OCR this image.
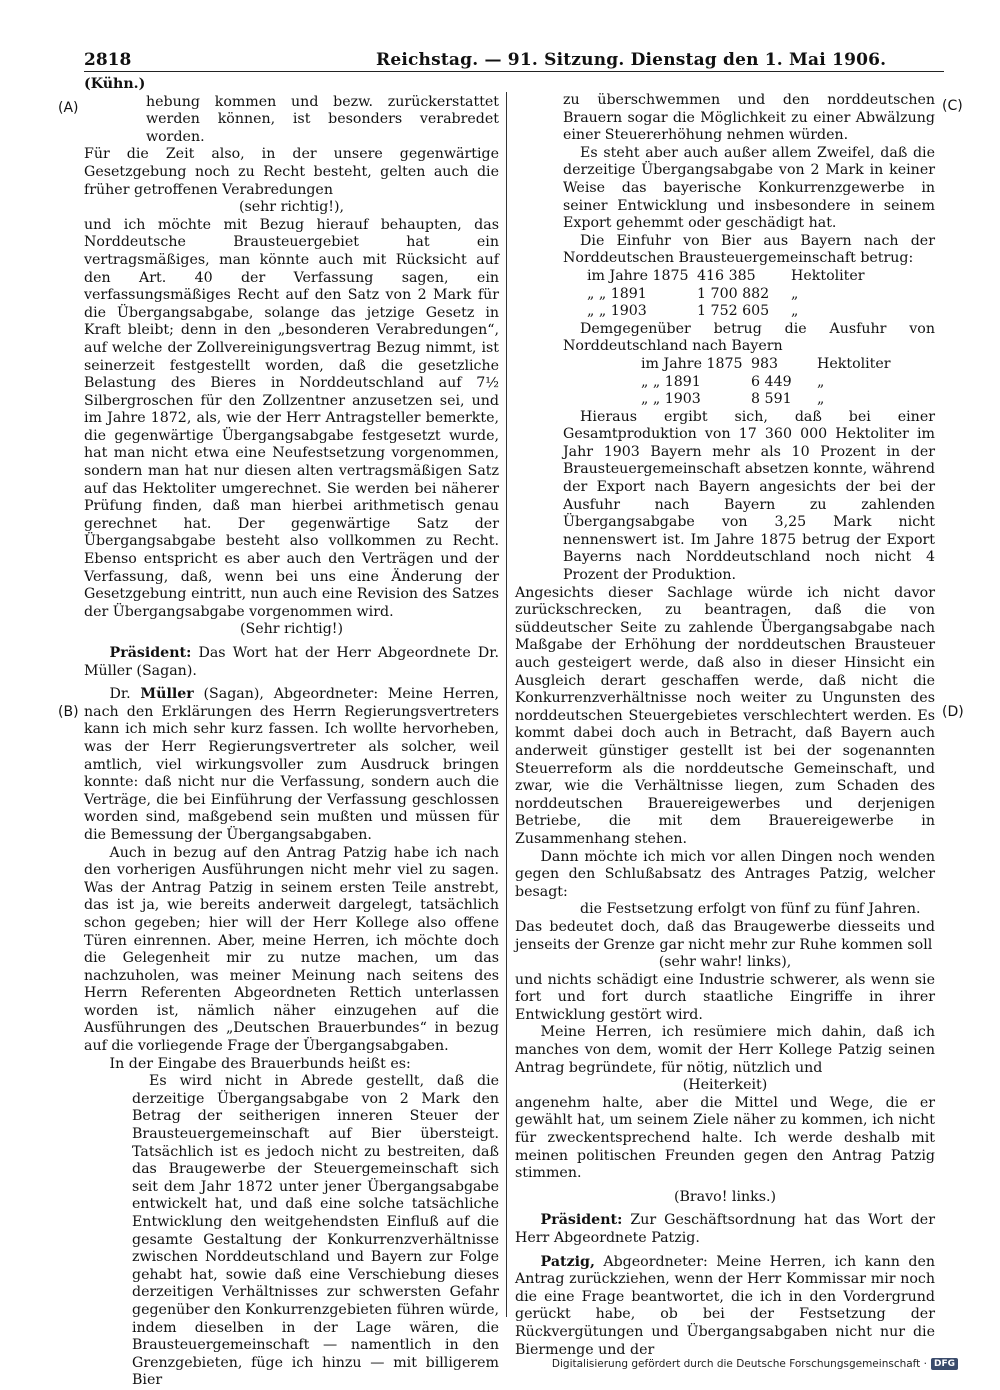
2818	Reichstag. — 91. Sitzung. Dienstag den 1. Mai 1906.
(A)
(B)
(C)
(D)

(Kühn.)

hebung kommen und bezw. zurückerstattet werden können, ist besonders verabredet worden.

Für die Zeit also, in der unsere gegenwärtige Gesetzgebung noch zu Recht besteht, gelten auch die früher getroffenen Verabredungen

(sehr richtig!),

und ich möchte mit Bezug hierauf behaupten, das Norddeutsche Brausteuergebiet hat ein vertragsmäßiges, man könnte auch mit Rücksicht auf den Art. 40 der Verfassung sagen, ein verfassungsmäßiges Recht auf den Satz von 2 Mark für die Übergangsabgabe, solange das jetzige Gesetz in Kraft bleibt; denn in den „besonderen Verabredungen“, auf welche der Zollvereinigungsvertrag Bezug nimmt, ist seinerzeit festgestellt worden, daß die gesetzliche Belastung des Bieres in Norddeutschland auf 7½ Silbergroschen für den Zollzentner anzusetzen sei, und im Jahre 1872, als, wie der Herr Antragsteller bemerkte, die gegenwärtige Übergangsabgabe festgesetzt wurde, hat man nicht etwa eine Neufestsetzung vorgenommen, sondern man hat nur diesen alten vertragsmäßigen Satz auf das Hektoliter umgerechnet. Sie werden bei näherer Prüfung finden, daß man hierbei arithmetisch genau gerechnet hat. Der gegenwärtige Satz der Übergangsabgabe besteht also vollkommen zu Recht. Ebenso entspricht es aber auch den Verträgen und der Verfassung, daß, wenn bei uns eine Änderung der Gesetzgebung eintritt, nun auch eine Revision des Satzes der Übergangsabgabe vorgenommen wird.

(Sehr richtig!)

Präsident: Das Wort hat der Herr Abgeordnete Dr. Müller (Sagan).

Dr. Müller (Sagan), Abgeordneter: Meine Herren, nach den Erklärungen des Herrn Regierungsvertreters kann ich mich sehr kurz fassen. Ich wollte hervorheben, was der Herr Regierungsvertreter als solcher, weil amtlich, viel wirkungsvoller zum Ausdruck bringen konnte: daß nicht nur die Verfassung, sondern auch die Verträge, die bei Einführung der Verfassung geschlossen worden sind, maßgebend sein mußten und müssen für die Bemessung der Übergangsabgaben.

Auch in bezug auf den Antrag Patzig habe ich nach den vorherigen Ausführungen nicht mehr viel zu sagen. Was der Antrag Patzig in seinem ersten Teile anstrebt, das ist ja, wie bereits anderweit dargelegt, tatsächlich schon gegeben; hier will der Herr Kollege also offene Türen einrennen. Aber, meine Herren, ich möchte doch die Gelegenheit mir zu nutze machen, um das nachzuholen, was meiner Meinung nach seitens des Herrn Referenten Abgeordneten Rettich unterlassen worden ist, nämlich näher einzugehen auf die Ausführungen des „Deutschen Brauerbundes“ in bezug auf die vorliegende Frage der Übergangsabgaben.

In der Eingabe des Brauerbunds heißt es:

Es wird nicht in Abrede gestellt, daß die derzeitige Übergangsabgabe von 2 Mark den Betrag der seitherigen inneren Steuer der Brausteuergemeinschaft auf Bier übersteigt. Tatsächlich ist es jedoch nicht zu bestreiten, daß das Braugewerbe der Steuergemeinschaft sich seit dem Jahr 1872 unter jener Übergangsabgabe entwickelt hat, und daß eine solche tatsächliche Entwicklung den weitgehendsten Einfluß auf die gesamte Gestaltung der Konkurrenzverhältnisse zwischen Norddeutschland und Bayern zur Folge gehabt hat, sowie daß eine Verschiebung dieses derzeitigen Verhältnisses zur schwersten Gefahr gegenüber den Konkurrenzgebieten führen würde, indem dieselben in der Lage wären, die Brausteuergemeinschaft — namentlich in den Grenzgebieten, füge ich hinzu — mit billigerem Bier

zu überschwemmen und den norddeutschen Brauern sogar die Möglichkeit zu einer Abwälzung einer Steuererhöhung nehmen würden.

Es steht aber auch außer allem Zweifel, daß die derzeitige Übergangsabgabe von 2 Mark in keiner Weise das bayerische Konkurrenzgewerbe in seiner Entwicklung und insbesondere in seinem Export gehemmt oder geschädigt hat.

Die Einfuhr von Bier aus Bayern nach der Norddeutschen Brausteuergemeinschaft betrug:

im Jahre 1875 416 385	Hektoliter
„ „ 1891	1 700 882	„
„ „ 1903	1 752 605	„

Demgegenüber betrug die Ausfuhr von Norddeutschland nach Bayern

im Jahre 1875 983	Hektoliter
„ „ 1891	6 449	„
„ „ 1903	8 591	„

Hieraus ergibt sich, daß bei einer Gesamtproduktion von 17 360 000 Hektoliter im Jahr 1903 Bayern mehr als 10 Prozent in der Brausteuergemeinschaft absetzen konnte, während der Export nach Bayern angesichts der bei der Ausfuhr nach Bayern zu zahlenden Übergangsabgabe von 3,25 Mark nicht nennenswert ist. Im Jahre 1875 betrug der Export Bayerns nach Norddeutschland noch nicht 4 Prozent der Produktion.

Angesichts dieser Sachlage würde ich nicht davor zurückschrecken, zu beantragen, daß die von süddeutscher Seite zu zahlende Übergangsabgabe nach Maßgabe der Erhöhung der norddeutschen Brausteuer auch gesteigert werde, daß also in dieser Hinsicht ein Ausgleich derart geschaffen werde, daß nicht die Konkurrenzverhältnisse noch weiter zu Ungunsten des norddeutschen Steuergebietes verschlechtert werden. Es kommt dabei doch auch in Betracht, daß Bayern auch anderweit günstiger gestellt ist bei der sogenannten Steuerreform als die norddeutsche Gemeinschaft, und zwar, wie die Verhältnisse liegen, zum Schaden des norddeutschen Brauereigewerbes und derjenigen Betriebe, die mit dem Brauereigewerbe in Zusammenhang stehen.

Dann möchte ich mich vor allen Dingen noch wenden gegen den Schlußabsatz des Antrages Patzig, welcher besagt:

die Festsetzung erfolgt von fünf zu fünf Jahren.

Das bedeutet doch, daß das Braugewerbe diesseits und jenseits der Grenze gar nicht mehr zur Ruhe kommen soll

(sehr wahr! links),

und nichts schädigt eine Industrie schwerer, als wenn sie fort und fort durch staatliche Eingriffe in ihrer Entwicklung gestört wird.

Meine Herren, ich resümiere mich dahin, daß ich manches von dem, womit der Herr Kollege Patzig seinen Antrag begründete, für nötig, nützlich und

(Heiterkeit)

angenehm halte, aber die Mittel und Wege, die er gewählt hat, um seinem Ziele näher zu kommen, ich nicht für zweckentsprechend halte. Ich werde deshalb mit meinen politischen Freunden gegen den Antrag Patzig stimmen.

(Bravo! links.)

Präsident: Zur Geschäftsordnung hat das Wort der Herr Abgeordnete Patzig.

Patzig, Abgeordneter: Meine Herren, ich kann den Antrag zurückziehen, wenn der Herr Kommissar mir noch die eine Frage beantwortet, die ich in den Vordergrund gerückt habe, ob bei der Festsetzung der Rückvergütungen und Übergangsabgaben nicht nur die Biermenge und der

Digitalisierung gefördert durch die Deutsche Forschungsgemeinschaft · DFG
